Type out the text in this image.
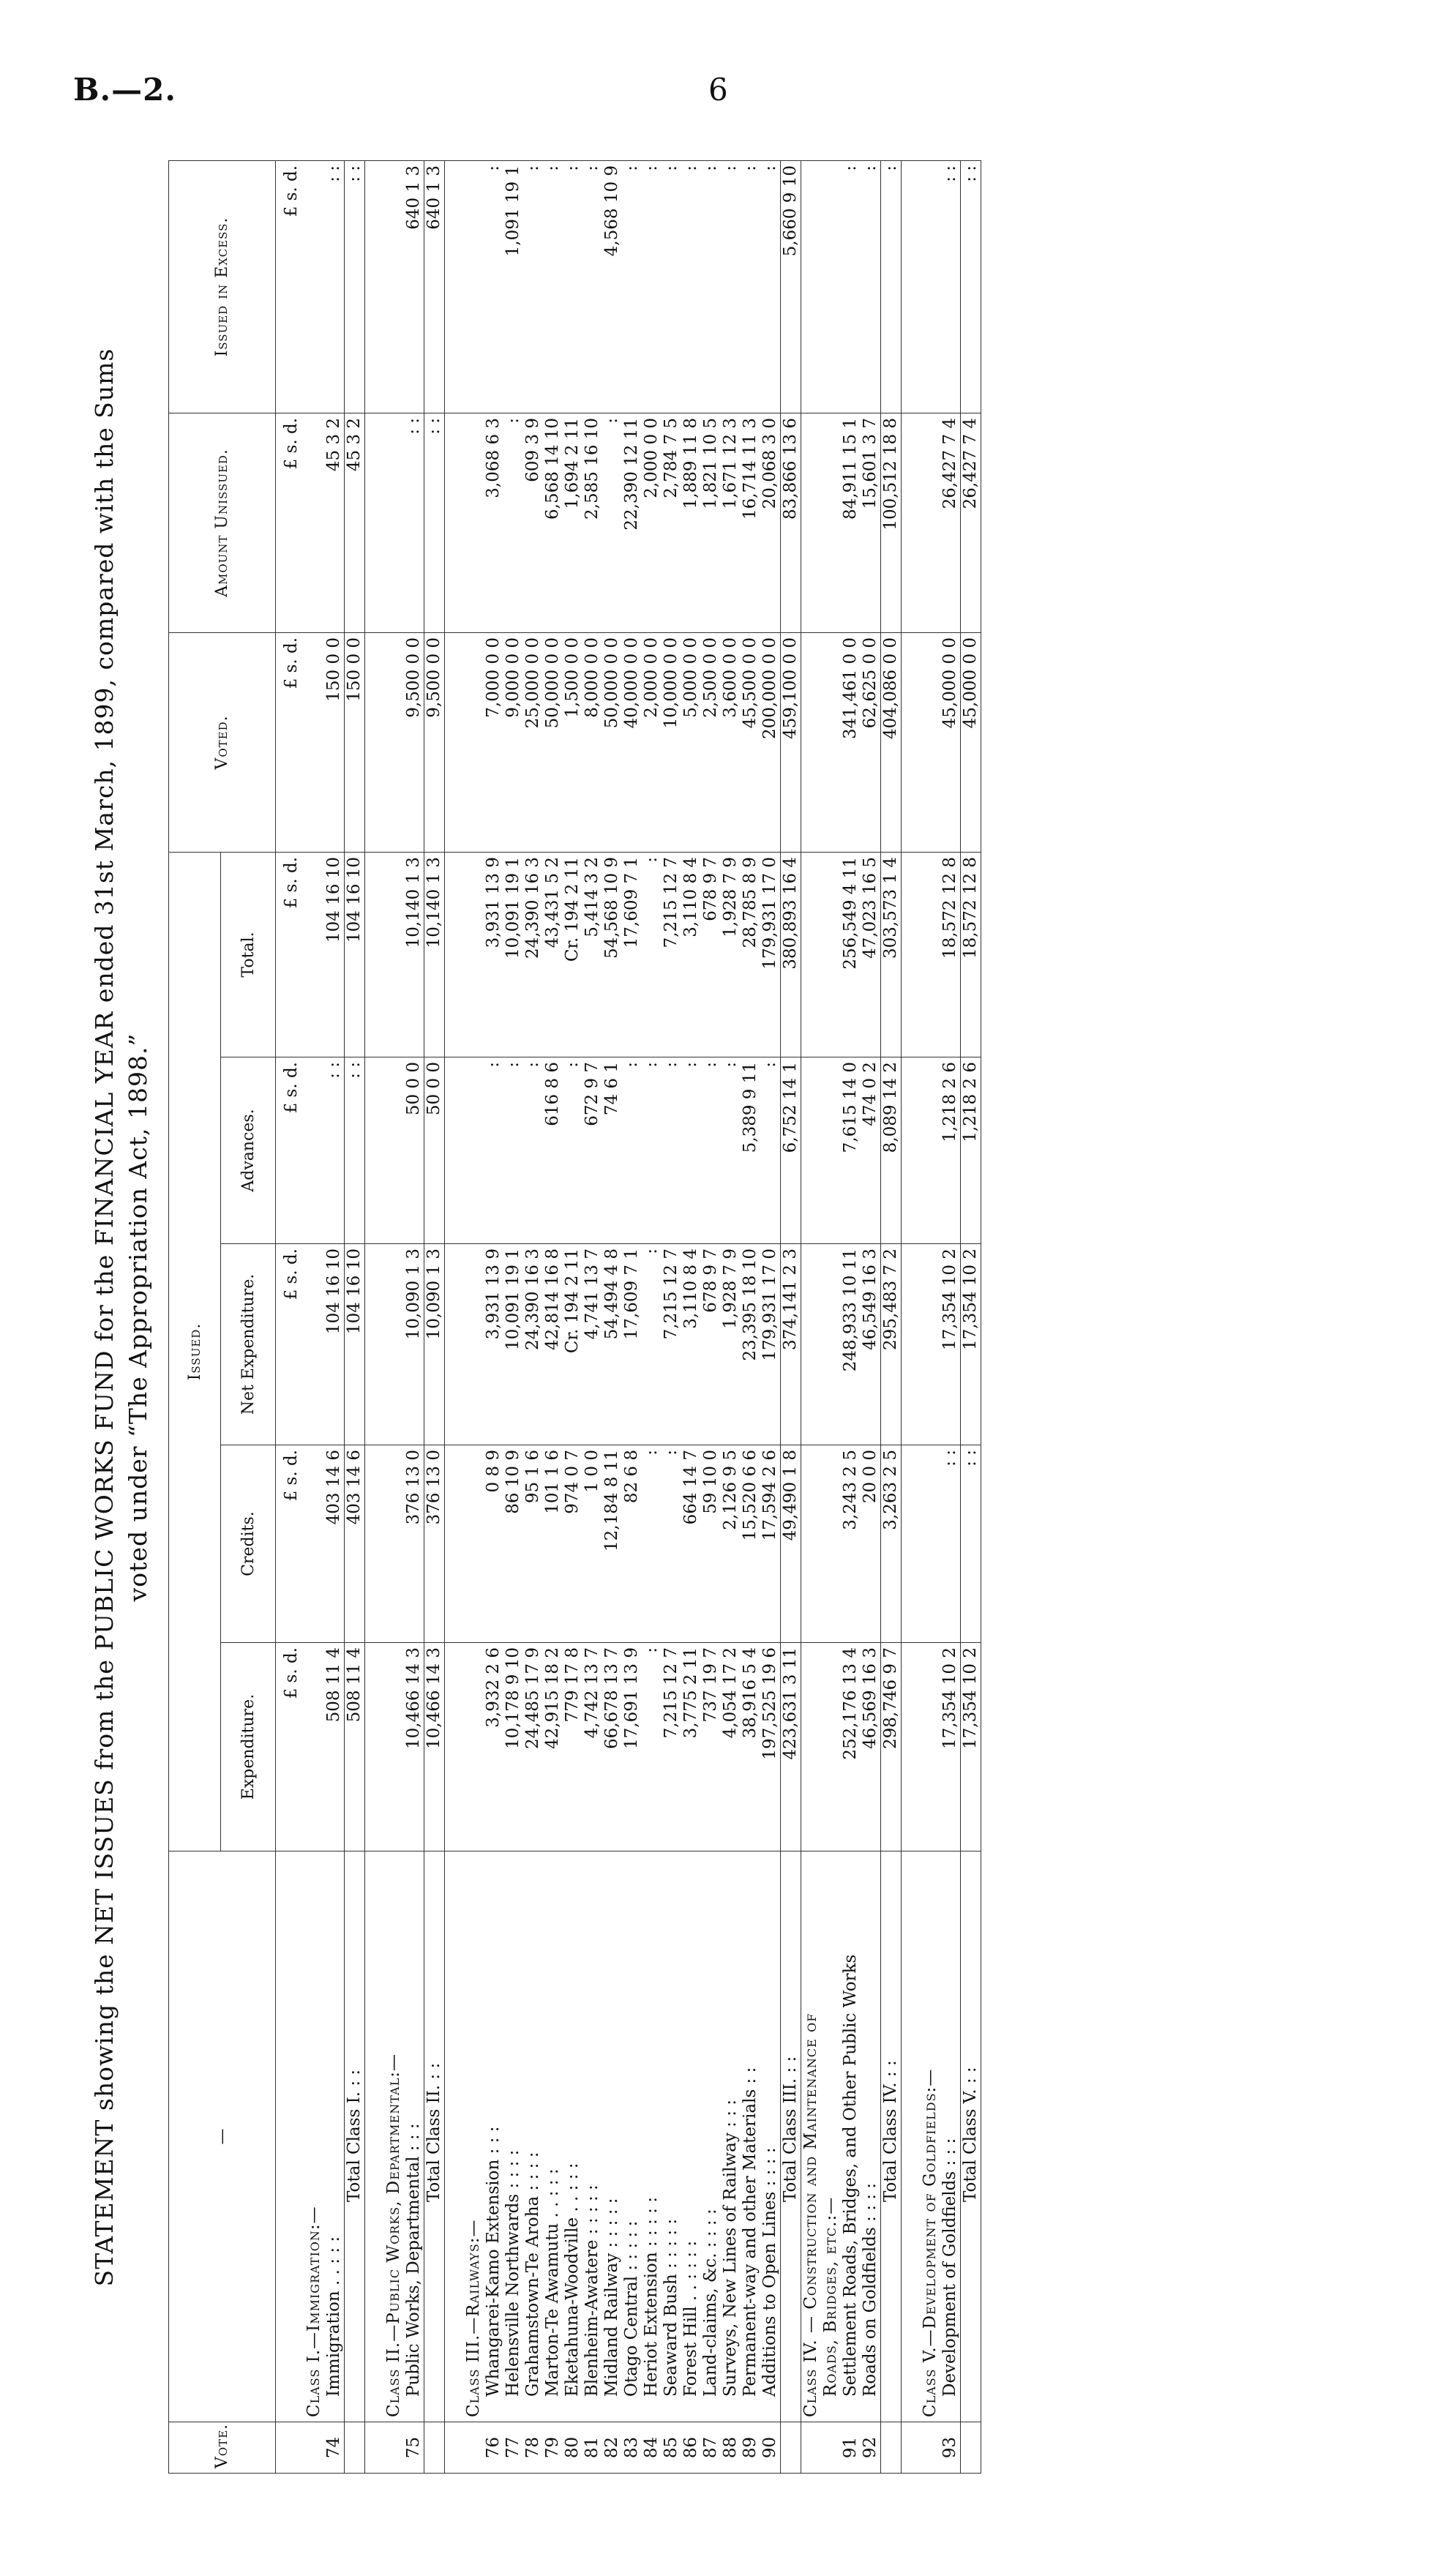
B.—2.	6
STATEMENT showing the NET ISSUES from the PUBLIC WORKS FUND for the FINANCIAL YEAR ended 31st March, 1899, compared with the Sums voted under “The Appropriation Act, 1898.”
Vote.	—	Issued.					Voted.	Amount Unissued.	Issued in Excess.
		Expenditure.	Credits.	Net Expenditure.	Advances.	Total.			
		£ s. d.	£ s. d.	£ s. d.	£ s. d.	£ s. d.	£ s. d.	£ s. d.	£ s. d.
	Class I.—Immigration:—								
74	Immigration . . : : :	508 11 4	403 14 6	104 16 10	: :	104 16 10	150 0 0	45 3 2	: :
	Total Class I. : :	508 11 4	403 14 6	104 16 10	: :	104 16 10	150 0 0	45 3 2	: :

	Class II.—Public Works, Departmental:—								
75	Public Works, Departmental : : :	10,466 14 3	376 13 0	10,090 1 3	50 0 0	10,140 1 3	9,500 0 0	: :	640 1 3
	Total Class II. : :	10,466 14 3	376 13 0	10,090 1 3	50 0 0	10,140 1 3	9,500 0 0	: :	640 1 3

	Class III.—Railways:—								
76	Whangarei-Kamo Extension : : :	3,932 2 6	0 8 9	3,931 13 9	:	3,931 13 9	7,000 0 0	3,068 6 3	:
77	Helensville Northwards : : : :	10,178 9 10	86 10 9	10,091 19 1	:	10,091 19 1	9,000 0 0	:	1,091 19 1
78	Grahamstown-Te Aroha : : : :	24,485 17 9	95 1 6	24,390 16 3	:	24,390 16 3	25,000 0 0	609 3 9	:
79	Marton-Te Awamutu . . : : :	42,915 18 2	101 1 6	42,814 16 8	616 8 6	43,431 5 2	50,000 0 0	6,568 14 10	:
80	Eketahuna-Woodville . . : : :	779 17 8	974 0 7	Cr. 194 2 11	:	Cr. 194 2 11	1,500 0 0	1,694 2 11	:
81	Blenheim-Awatere : : : : :	4,742 13 7	1 0 0	4,741 13 7	672 9 7	5,414 3 2	8,000 0 0	2,585 16 10	:
82	Midland Railway : : : : :	66,678 13 7	12,184 8 11	54,494 4 8	74 6 1	54,568 10 9	50,000 0 0	:	4,568 10 9
83	Otago Central : : : : :	17,691 13 9	82 6 8	17,609 7 1	:	17,609 7 1	40,000 0 0	22,390 12 11	:
84	Heriot Extension : : : : :	:	:	:	:	:	2,000 0 0	2,000 0 0	:
85	Seaward Bush : : : : :	7,215 12 7	:	7,215 12 7	:	7,215 12 7	10,000 0 0	2,784 7 5	:
86	Forest Hill . . : : : :	3,775 2 11	664 14 7	3,110 8 4	:	3,110 8 4	5,000 0 0	1,889 11 8	:
87	Land-claims, &c. : : : :	737 19 7	59 10 0	678 9 7	:	678 9 7	2,500 0 0	1,821 10 5	:
88	Surveys, New Lines of Railway : : :	4,054 17 2	2,126 9 5	1,928 7 9	:	1,928 7 9	3,600 0 0	1,671 12 3	:
89	Permanent-way and other Materials : :	38,916 5 4	15,520 6 6	23,395 18 10	5,389 9 11	28,785 8 9	45,500 0 0	16,714 11 3	:
90	Additions to Open Lines : : : :	197,525 19 6	17,594 2 6	179,931 17 0	:	179,931 17 0	200,000 0 0	20,068 3 0	:
	Total Class III. : :	423,631 3 11	49,490 1 8	374,141 2 3	6,752 14 1	380,893 16 4	459,100 0 0	83,866 13 6	5,660 9 10
	Class IV. — Construction and Maintenance of								
	Roads, Bridges, etc.:—								
91	Settlement Roads, Bridges, and Other Public Works	252,176 13 4	3,243 2 5	248,933 10 11	7,615 14 0	256,549 4 11	341,461 0 0	84,911 15 1	:
92	Roads on Goldfields : : : :	46,569 16 3	20 0 0	46,549 16 3	474 0 2	47,023 16 5	62,625 0 0	15,601 3 7	:
	Total Class IV. : :	298,746 9 7	3,263 2 5	295,483 7 2	8,089 14 2	303,573 1 4	404,086 0 0	100,512 18 8	:

	Class V.—Development of Goldfields:—								
93	Development of Goldfields : : :	17,354 10 2	: :	17,354 10 2	1,218 2 6	18,572 12 8	45,000 0 0	26,427 7 4	: :
	Total Class V. : :	17,354 10 2	: :	17,354 10 2	1,218 2 6	18,572 12 8	45,000 0 0	26,427 7 4	: :
